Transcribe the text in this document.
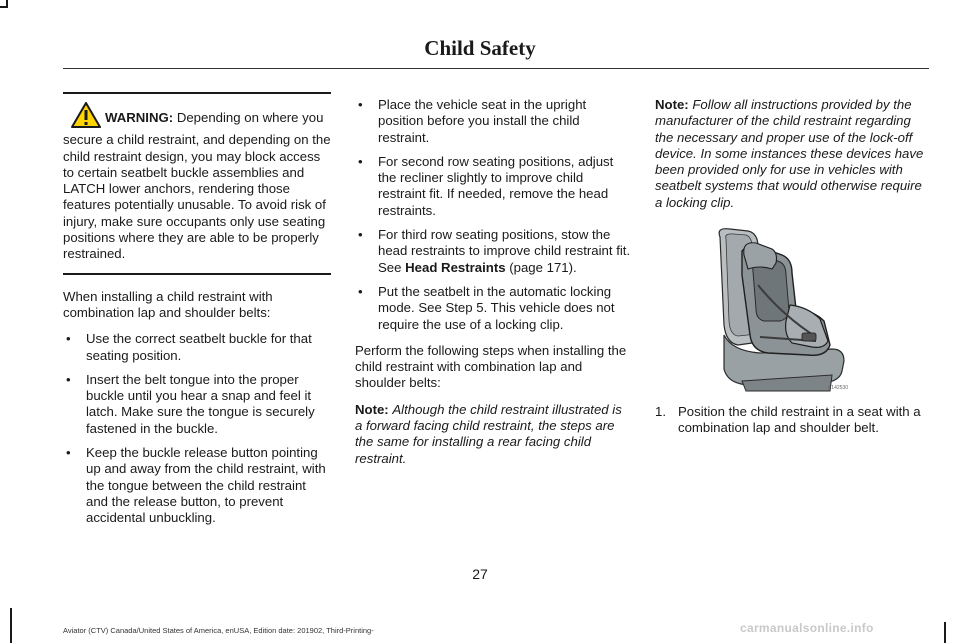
Child Safety
WARNING: Depending on where you secure a child restraint, and depending on the child restraint design, you may block access to certain seatbelt buckle assemblies and LATCH lower anchors, rendering those features potentially unusable. To avoid risk of injury, make sure occupants only use seating positions where they are able to be properly restrained.

When installing a child restraint with combination lap and shoulder belts:

• Use the correct seatbelt buckle for that seating position.
• Insert the belt tongue into the proper buckle until you hear a snap and feel it latch. Make sure the tongue is securely fastened in the buckle.
• Keep the buckle release button pointing up and away from the child restraint, with the tongue between the child restraint and the release button, to prevent accidental unbuckling.
• Place the vehicle seat in the upright position before you install the child restraint.
• For second row seating positions, adjust the recliner slightly to improve child restraint fit. If needed, remove the head restraints.
• For third row seating positions, stow the head restraints to improve child restraint fit. See Head Restraints (page 171).
• Put the seatbelt in the automatic locking mode. See Step 5. This vehicle does not require the use of a locking clip.

Perform the following steps when installing the child restraint with combination lap and shoulder belts:

Note: Although the child restraint illustrated is a forward facing child restraint, the steps are the same for installing a rear facing child restraint.

Note: Follow all instructions provided by the manufacturer of the child restraint regarding the necessary and proper use of the lock-off device. In some instances these devices have been provided only for use in vehicles with seatbelt systems that would otherwise require a locking clip.

E142530
1. Position the child restraint in a seat with a combination lap and shoulder belt.
27
Aviator (CTV) Canada/United States of America, enUSA, Edition date: 201902, Third-Printing-	carmanualsonline.info
